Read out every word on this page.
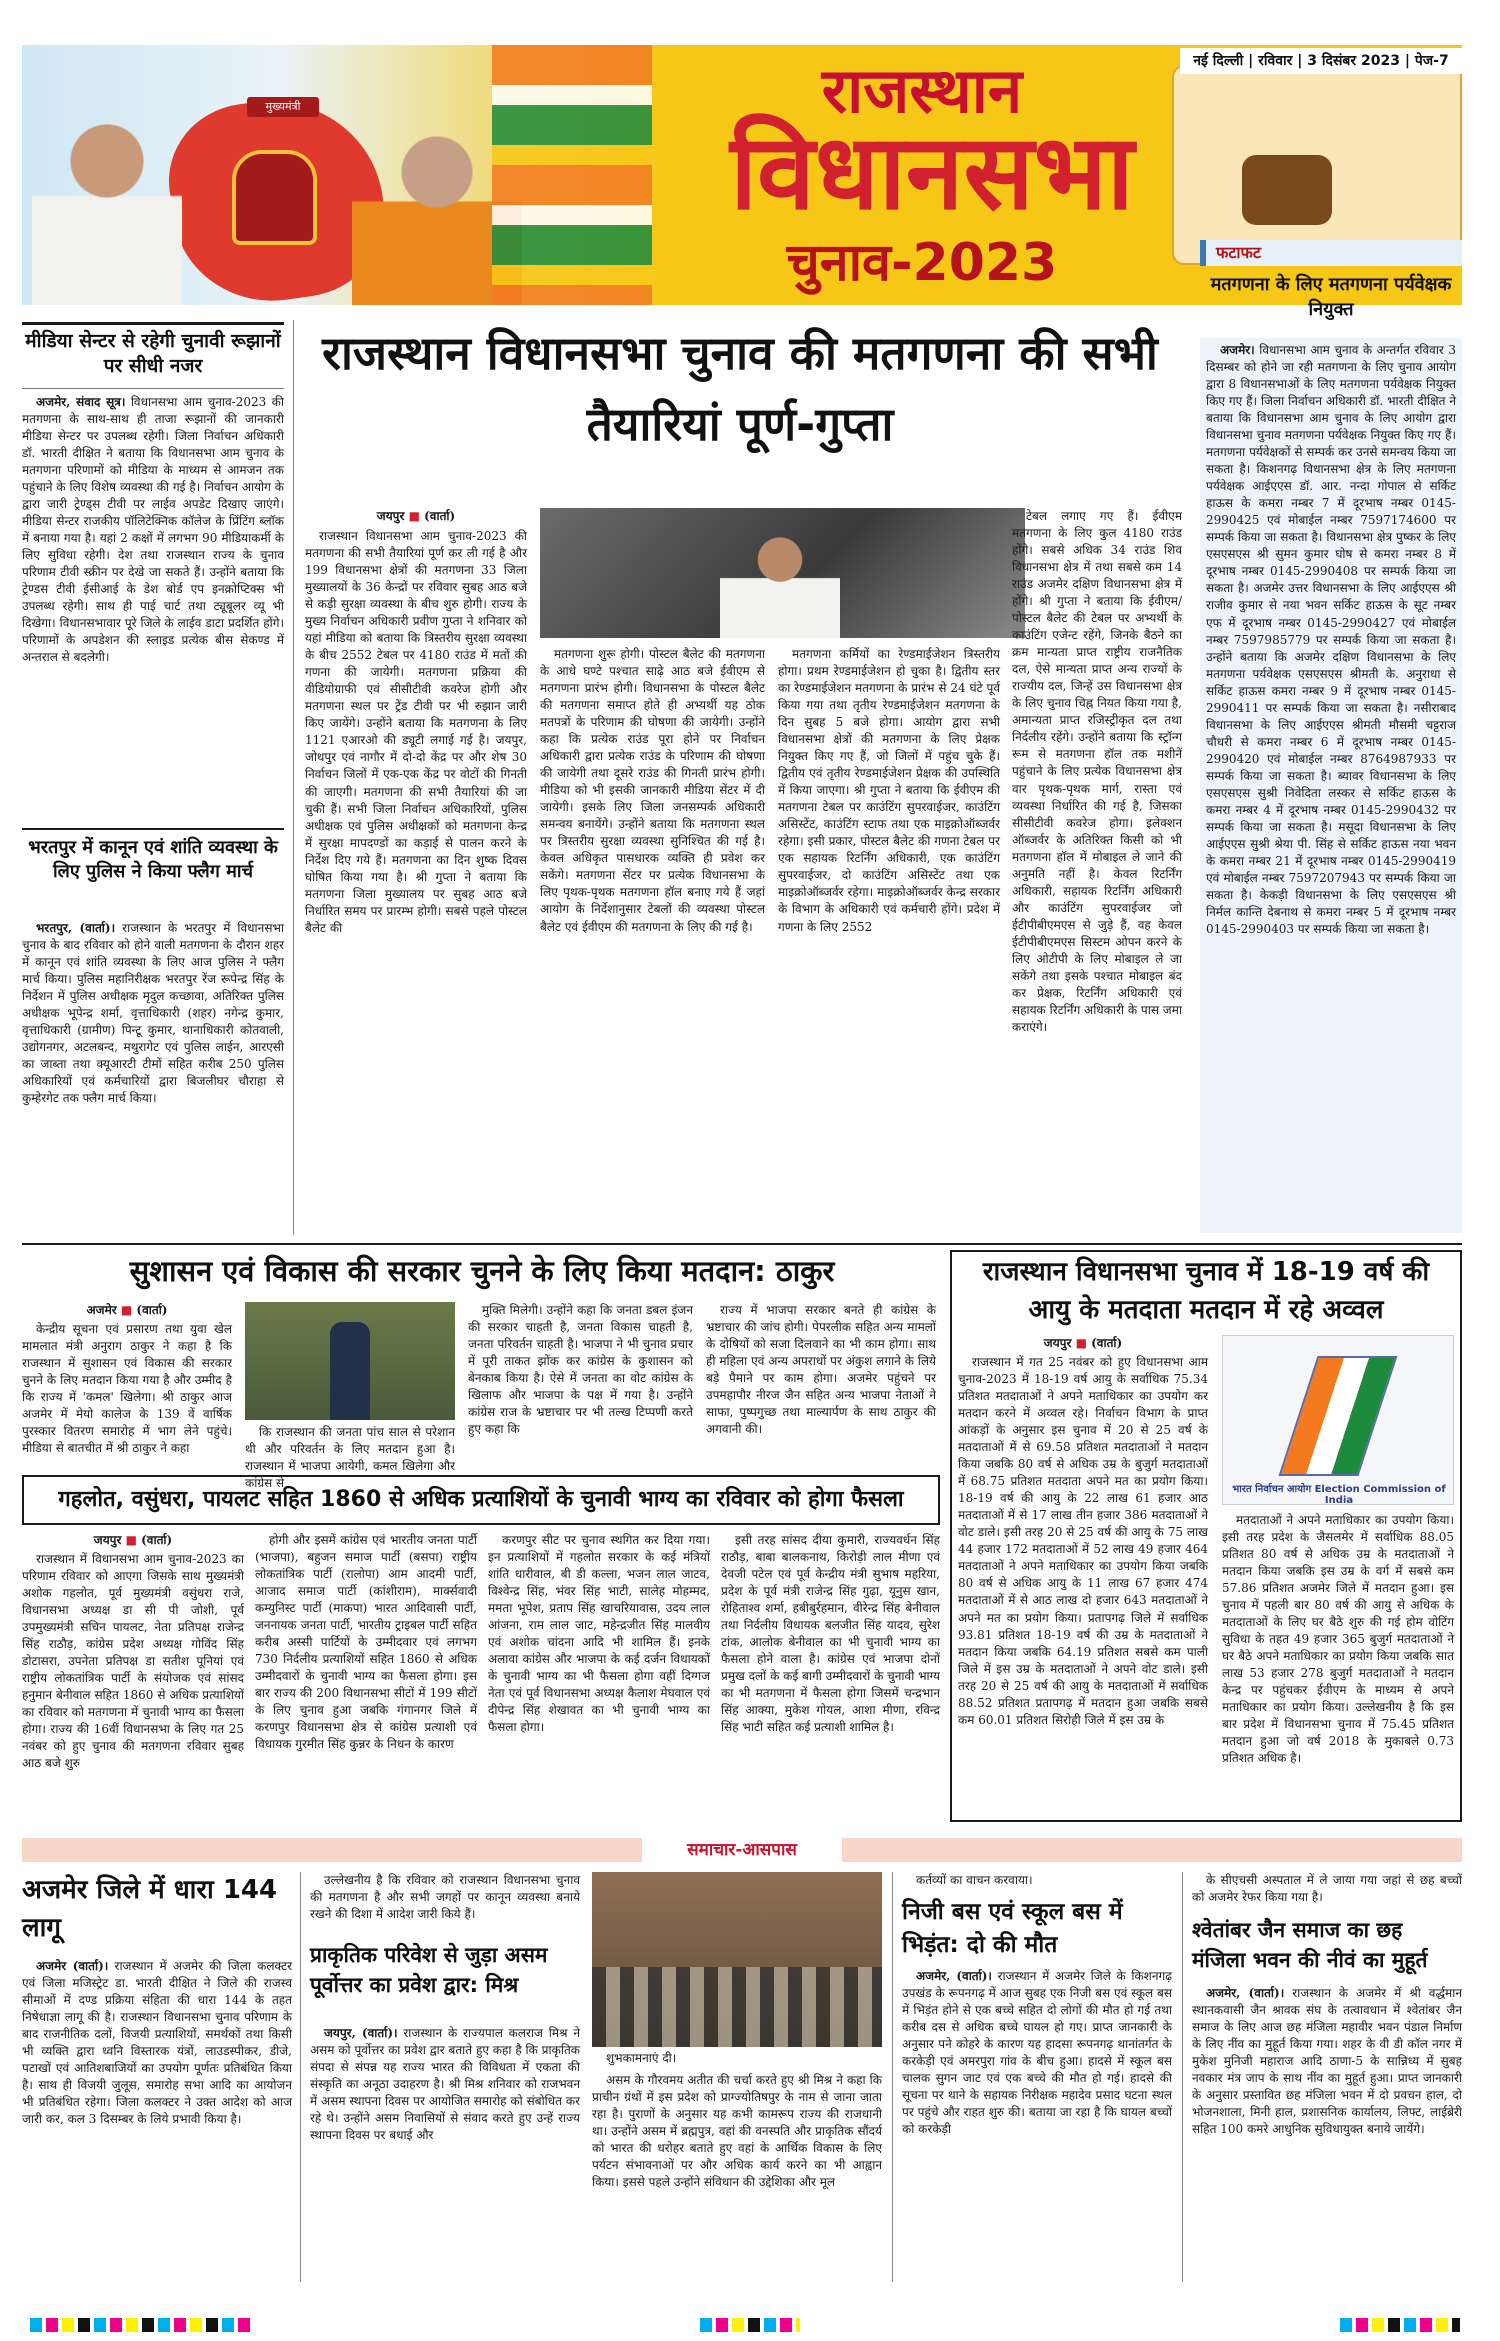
मुख्यमंत्री	राजस्थान
विधानसभा
चुनाव-2023
नई दिल्ली | रविवार | 3 दिसंबर 2023 | पेज-7
मीडिया सेन्टर से रहेगी चुनावी रूझानों पर सीधी नजर

अजमेर, संवाद सूत्र। विधानसभा आम चुनाव-2023 की मतगणना के साथ-साथ ही ताजा रूझानों की जानकारी मीडिया सेन्टर पर उपलब्ध रहेगी। जिला निर्वाचन अधिकारी डॉ. भारती दीक्षित ने बताया कि विधानसभा आम चुनाव के मतगणना परिणामों को मीडिया के माध्यम से आमजन तक पहुंचाने के लिए विशेष व्यवस्था की गई है। निर्वाचन आयोग के द्वारा जारी ट्रेण्ड्स टीवी पर लाईव अपडेट दिखाए जाएंगे। मीडिया सेन्टर राजकीय पॉलिटेक्निक कॉलेज के प्रिंटिंग ब्लॉक में बनाया गया है। यहां 2 कक्षों में लगभग 90 मीडियाकर्मी के लिए सुविधा रहेगी। देश तथा राजस्थान राज्य के चुनाव परिणाम टीवी स्क्रीन पर देखे जा सकते हैं। उन्होंने बताया कि ट्रेण्डस टीवी ईसीआई के डेश बोर्ड एप इनक्रोप्टिक्स भी उपलब्ध रहेगी। साथ ही पाई चार्ट तथा ट्यूबूलर व्यू भी दिखेगा। विधानसभावार पूरे जिले के लाईव डाटा प्रदर्शित होंगे। परिणामों के अपडेशन की स्लाइड प्रत्येक बीस सेकण्ड में अन्तराल से बदलेगी।

भरतपुर में कानून एवं शांति व्यवस्था के लिए पुलिस ने किया फ्लैग मार्च

भरतपुर, (वार्ता)। राजस्थान के भरतपुर में विधानसभा चुनाव के बाद रविवार को होने वाली मतगणना के दौरान शहर में कानून एवं शांति व्यवस्था के लिए आज पुलिस ने फ्लैग मार्च किया। पुलिस महानिरीक्षक भरतपुर रेंज रूपेन्द्र सिंह के निर्देशन में पुलिस अधीक्षक मृदुल कच्छावा, अतिरिक्त पुलिस अधीक्षक भूपेन्द्र शर्मा, वृत्ताधिकारी (शहर) नगेन्द्र कुमार, वृत्ताधिकारी (ग्रामीण) पिन्टू कुमार, थानाधिकारी कोतवाली, उद्योगनगर, अटलबन्द, मथुरागेट एवं पुलिस लाईन, आरएसी का जाब्ता तथा क्यूआरटी टीमों सहित करीब 250 पुलिस अधिकारियों एवं कर्मचारियों द्वारा बिजलीघर चौराहा से कुम्हेरगेट तक फ्लैग मार्च किया।

राजस्थान विधानसभा चुनाव की मतगणना की सभी तैयारियां पूर्ण-गुप्ता
जयपुर ■ (वार्ता)

राजस्थान विधानसभा आम चुनाव-2023 की मतगणना की सभी तैयारियां पूर्ण कर ली गई है और 199 विधानसभा क्षेत्रों की मतगणना 33 जिला मुख्यालयों के 36 केन्द्रों पर रविवार सुबह आठ बजे से कड़ी सुरक्षा व्यवस्था के बीच शुरु होगी। राज्य के मुख्य निर्वाचन अधिकारी प्रवीण गुप्ता ने शनिवार को यहां मीडिया को बताया कि त्रिस्तरीय सुरक्षा व्यवस्था के बीच 2552 टेबल पर 4180 राउंड में मतों की गणना की जायेगी। मतगणना प्रक्रिया की वीडियोग्राफी एवं सीसीटीवी कवरेज होगी और मतगणना स्थल पर ट्रेंड टीवी पर भी रुझान जारी किए जायेंगे। उन्होंने बताया कि मतगणना के लिए 1121 एआरओ की ड्यूटी लगाई गई है। जयपुर, जोधपुर एवं नागौर में दो-दो केंद्र पर और शेष 30 निर्वाचन जिलों में एक-एक केंद्र पर वोटों की गिनती की जाएगी। मतगणना की सभी तैयारियां की जा चुकी हैं। सभी जिला निर्वाचन अधिकारियों, पुलिस अधीक्षक एवं पुलिस अधीक्षकों को मतगणना केन्द्र में सुरक्षा मापदण्डों का कड़ाई से पालन करने के निर्देश दिए गये हैं। मतगणना का दिन शुष्क दिवस घोषित किया गया है। श्री गुप्ता ने बताया कि मतगणना जिला मुख्यालय पर सुबह आठ बजे निर्धारित समय पर प्रारम्भ होगी। सबसे पहले पोस्टल बैलेट की

मतगणना शुरू होगी। पोस्टल बैलेट की मतगणना के आधे घण्टे पश्चात साढ़े आठ बजे ईवीएम से मतगणना प्रारंभ होगी। विधानसभा के पोस्टल बैलेट की मतगणना समाप्त होते ही अभ्यर्थी यह ठोक मतपत्रों के परिणाम की घोषणा की जायेगी। उन्होंने कहा कि प्रत्येक राउंड पूरा होने पर निर्वाचन अधिकारी द्वारा प्रत्येक राउंड के परिणाम की घोषणा की जायेगी तथा दूसरे राउंड की गिनती प्रारंभ होगी। मीडिया को भी इसकी जानकारी मीडिया सेंटर में दी जायेगी। इसके लिए जिला जनसम्पर्क अधिकारी समन्वय बनायेंगे। उन्होंने बताया कि मतगणना स्थल पर त्रिस्तरीय सुरक्षा व्यवस्था सुनिश्चित की गई है। केवल अधिकृत पासधारक व्यक्ति ही प्रवेश कर सकेंगे। मतगणना सेंटर पर प्रत्येक विधानसभा के लिए पृथक-पृथक मतगणना हॉल बनाए गये हैं जहां आयोग के निर्देशानुसार टेबलों की व्यवस्था पोस्टल बैलेट एवं ईवीएम की मतगणना के लिए की गई है।

मतगणना कर्मियों का रेण्डमाईजेशन त्रिस्तरीय होगा। प्रथम रेण्डमाईजेशन हो चुका है। द्वितीय स्तर का रेण्डमाईजेशन मतगणना के प्रारंभ से 24 घंटे पूर्व किया गया तथा तृतीय रेण्डमाईजेशन मतगणना के दिन सुबह 5 बजे होगा। आयोग द्वारा सभी विधानसभा क्षेत्रों की मतगणना के लिए प्रेक्षक नियुक्त किए गए हैं, जो जिलों में पहुंच चुके हैं। द्वितीय एवं तृतीय रेण्डमाईजेशन प्रेक्षक की उपस्थिति में किया जाएगा। श्री गुप्ता ने बताया कि ईवीएम की मतगणना टेबल पर काउंटिंग सुपरवाईजर, काउंटिंग असिस्टेंट, काउंटिंग स्टाफ तथा एक माइक्रोऑब्जर्वर रहेगा। इसी प्रकार, पोस्टल बैलेट की गणना टेबल पर एक सहायक रिटर्निंग अधिकारी, एक काउंटिंग सुपरवाईजर, दो काउंटिंग असिस्टेंट तथा एक माइक्रोऑब्जर्वर रहेगा। माइक्रोऑब्जर्वर केन्द्र सरकार के विभाग के अधिकारी एवं कर्मचारी होंगे। प्रदेश में गणना के लिए 2552

टेबल लगाए गए हैं। ईवीएम मतगणना के लिए कुल 4180 राउंड होंगे। सबसे अधिक 34 राउंड शिव विधानसभा क्षेत्र में तथा सबसे कम 14 राउंड अजमेर दक्षिण विधानसभा क्षेत्र में होंगे। श्री गुप्ता ने बताया कि ईवीएम/पोस्टल बैलेट की टेबल पर अभ्यर्थी के काउंटिंग एजेन्ट रहेंगे, जिनके बैठने का क्रम मान्यता प्राप्त राष्ट्रीय राजनैतिक दल, ऐसे मान्यता प्राप्त अन्य राज्यों के राज्यीय दल, जिन्हें उस विधानसभा क्षेत्र के लिए चुनाव चिह्न नियत किया गया है, अमान्यता प्राप्त रजिस्ट्रीकृत दल तथा निर्दलीय रहेंगे। उन्होंने बताया कि स्ट्रॉन्ग रूम से मतगणना हॉल तक मशीनें पहुंचाने के लिए प्रत्येक विधानसभा क्षेत्र वार पृथक-पृथक मार्ग, रास्ता एवं व्यवस्था निर्धारित की गई है, जिसका सीसीटीवी कवरेज होगा। इलेक्शन ऑब्जर्वर के अतिरिक्त किसी को भी मतगणना हॉल में मोबाइल ले जाने की अनुमति नहीं है। केवल रिटर्निंग अधिकारी, सहायक रिटर्निंग अधिकारी और काउंटिंग सुपरवाईजर जो ईटीपीबीएमएस से जुड़े हैं, वह केवल ईटीपीबीएमएस सिस्टम ओपन करने के लिए ओटीपी के लिए मोबाइल ले जा सकेंगे तथा इसके पश्चात मोबाइल बंद कर प्रेक्षक, रिटर्निंग अधिकारी एवं सहायक रिटर्निंग अधिकारी के पास जमा कराएंगे।

फटाफट
मतगणना के लिए मतगणना पर्यवेक्षक नियुक्त

अजमेर। विधानसभा आम चुनाव के अन्तर्गत रविवार 3 दिसम्बर को होने जा रही मतगणना के लिए चुनाव आयोग द्वारा 8 विधानसभाओं के लिए मतगणना पर्यवेक्षक नियुक्त किए गए हैं। जिला निर्वाचन अधिकारी डॉ. भारती दीक्षित ने बताया कि विधानसभा आम चुनाव के लिए आयोग द्वारा विधानसभा चुनाव मतगणना पर्यवेक्षक नियुक्त किए गए हैं। मतगणना पर्यवेक्षकों से सम्पर्क कर उनसे समन्वय किया जा सकता है। किशनगढ़ विधानसभा क्षेत्र के लिए मतगणना पर्यवेक्षक आईएएस डॉ. आर. नन्दा गोपाल से सर्किट हाऊस के कमरा नम्बर 7 में दूरभाष नम्बर 0145-2990425 एवं मोबाईल नम्बर 7597174600 पर सम्पर्क किया जा सकता है। विधानसभा क्षेत्र पुष्कर के लिए एसएसएस श्री सुमन कुमार घोष से कमरा नम्बर 8 में दूरभाष नम्बर 0145-2990408 पर सम्पर्क किया जा सकता है। अजमेर उत्तर विधानसभा के लिए आईएएस श्री राजीव कुमार से नया भवन सर्किट हाऊस के सूट नम्बर एफ में दूरभाष नम्बर 0145-2990427 एवं मोबाईल नम्बर 7597985779 पर सम्पर्क किया जा सकता है। उन्होंने बताया कि अजमेर दक्षिण विधानसभा के लिए मतगणना पर्यवेक्षक एसएसएस श्रीमती के. अनुराधा से सर्किट हाऊस कमरा नम्बर 9 में दूरभाष नम्बर 0145-2990411 पर सम्पर्क किया जा सकता है। नसीराबाद विधानसभा के लिए आईएएस श्रीमती मौसमी चट्टराज चौधरी से कमरा नम्बर 6 में दूरभाष नम्बर 0145-2990420 एवं मोबाईल नम्बर 8764987933 पर सम्पर्क किया जा सकता है। ब्यावर विधानसभा के लिए एसएसएस सुश्री निवेदिता लस्कर से सर्किट हाऊस के कमरा नम्बर 4 में दूरभाष नम्बर 0145-2990432 पर सम्पर्क किया जा सकता है। मसूदा विधानसभा के लिए आईएएस सुश्री श्रेया पी. सिंह से सर्किट हाऊस नया भवन के कमरा नम्बर 21 में दूरभाष नम्बर 0145-2990419 एवं मोबाईल नम्बर 7597207943 पर सम्पर्क किया जा सकता है। केकड़ी विधानसभा के लिए एसएसएस श्री निर्मल कान्ति देबनाथ से कमरा नम्बर 5 में दूरभाष नम्बर 0145-2990403 पर सम्पर्क किया जा सकता है।

सुशासन एवं विकास की सरकार चुनने के लिए किया मतदान: ठाकुर
अजमेर ■ (वार्ता)

केन्द्रीय सूचना एवं प्रसारण तथा युवा खेल मामलात मंत्री अनुराग ठाकुर ने कहा है कि राजस्थान में सुशासन एवं विकास की सरकार चुनने के लिए मतदान किया गया है और उम्मीद है कि राज्य में 'कमल' खिलेगा। श्री ठाकुर आज अजमेर में मेयो कालेज के 139 वें वार्षिक पुरस्कार वितरण समारोह में भाग लेने पहुंचे। मीडिया से बातचीत में श्री ठाकुर ने कहा

कि राजस्थान की जनता पांच साल से परेशान थी और परिवर्तन के लिए मतदान हुआ है। राजस्थान में भाजपा आयेगी, कमल खिलेगा और कांग्रेस से

मुक्ति मिलेगी। उन्होंने कहा कि जनता डबल इंजन की सरकार चाहती है, जनता विकास चाहती है, जनता परिवर्तन चाहती है। भाजपा ने भी चुनाव प्रचार में पूरी ताकत झोंक कर कांग्रेस के कुशासन को बेनकाब किया है। ऐसे में जनता का वोट कांग्रेस के खिलाफ और भाजपा के पक्ष में गया है। उन्होंने कांग्रेस राज के भ्रष्टाचार पर भी तल्ख टिप्पणी करते हुए कहा कि

राज्य में भाजपा सरकार बनते ही कांग्रेस के भ्रष्टाचार की जांच होगी। पेपरलीक सहित अन्य मामलों के दोषियों को सजा दिलवाने का भी काम होगा। साथ ही महिला एवं अन्य अपराधों पर अंकुश लगाने के लिये बड़े पैमाने पर काम होगा। अजमेर पहुंचने पर उपमहापौर नीरज जैन सहित अन्य भाजपा नेताओं ने साफा, पुष्पगुच्छ तथा माल्यार्पण के साथ ठाकुर की अगवानी की।

राजस्थान विधानसभा चुनाव में 18-19 वर्ष की आयु के मतदाता मतदान में रहे अव्वल
जयपुर ■ (वार्ता)

राजस्थान में गत 25 नवंबर को हुए विधानसभा आम चुनाव-2023 में 18-19 वर्ष आयु के सर्वाधिक 75.34 प्रतिशत मतदाताओं ने अपने मताधिकार का उपयोग कर मतदान करने में अव्वल रहे। निर्वाचन विभाग के प्राप्त आंकड़ों के अनुसार इस चुनाव में 20 से 25 वर्ष के मतदाताओं में से 69.58 प्रतिशत मतदाताओं ने मतदान किया जबकि 80 वर्ष से अधिक उम्र के बुजुर्ग मतदाताओं में 68.75 प्रतिशत मतदाता अपने मत का प्रयोग किया। 18-19 वर्ष की आयु के 22 लाख 61 हजार आठ मतदाताओं में से 17 लाख तीन हजार 386 मतदाताओं ने वोट डाले। इसी तरह 20 से 25 वर्ष की आयु के 75 लाख 44 हजार 172 मतदाताओं में 52 लाख 49 हजार 464 मतदाताओं ने अपने मताधिकार का उपयोग किया जबकि 80 वर्ष से अधिक आयु के 11 लाख 67 हजार 474 मतदाताओं में से आठ लाख दो हजार 643 मतदाताओं ने अपने मत का प्रयोग किया। प्रतापगढ़ जिले में सर्वाधिक 93.81 प्रतिशत 18-19 वर्ष की उम्र के मतदाताओं ने मतदान किया जबकि 64.19 प्रतिशत सबसे कम पाली जिले में इस उम्र के मतदाताओं ने अपने वोट डाले। इसी तरह 20 से 25 वर्ष की आयु के मतदाताओं में सर्वाधिक 88.52 प्रतिशत प्रतापगढ़ में मतदान हुआ जबकि सबसे कम 60.01 प्रतिशत सिरोही जिले में इस उम्र के

भारत निर्वाचन आयोग Election Commission of India

मतदाताओं ने अपने मताधिकार का उपयोग किया। इसी तरह प्रदेश के जैसलमेर में सर्वाधिक 88.05 प्रतिशत 80 वर्ष से अधिक उम्र के मतदाताओं ने मतदान किया जबकि इस उम्र के वर्ग में सबसे कम 57.86 प्रतिशत अजमेर जिले में मतदान हुआ। इस चुनाव में पहली बार 80 वर्ष की आयु से अधिक के मतदाताओं के लिए घर बैठे शुरु की गई होम वोटिंग सुविधा के तहत 49 हजार 365 बुजुर्ग मतदाताओं ने घर बैठे अपने मताधिकार का प्रयोग किया जबकि सात लाख 53 हजार 278 बुजुर्ग मतदाताओं ने मतदान केन्द्र पर पहुंचकर ईवीएम के माध्यम से अपने मताधिकार का प्रयोग किया। उल्लेखनीय है कि इस बार प्रदेश में विधानसभा चुनाव में 75.45 प्रतिशत मतदान हुआ जो वर्ष 2018 के मुकाबले 0.73 प्रतिशत अधिक है।

गहलोत, वसुंधरा, पायलट सहित 1860 से अधिक प्रत्याशियों के चुनावी भाग्य का रविवार को होगा फैसला
जयपुर ■ (वार्ता)

राजस्थान में विधानसभा आम चुनाव-2023 का परिणाम रविवार को आएगा जिसके साथ मुख्यमंत्री अशोक गहलोत, पूर्व मुख्यमंत्री वसुंधरा राजे, विधानसभा अध्यक्ष डा सी पी जोशी, पूर्व उपमुख्यमंत्री सचिन पायलट, नेता प्रतिपक्ष राजेन्द्र सिंह राठौड़, कांग्रेस प्रदेश अध्यक्ष गोविंद सिंह डोटासरा, उपनेता प्रतिपक्ष डा सतीश पूनियां एवं राष्ट्रीय लोकतांत्रिक पार्टी के संयोजक एवं सांसद हनुमान बेनीवाल सहित 1860 से अधिक प्रत्याशियों का रविवार को मतगणना में चुनावी भाग्य का फैसला होगा। राज्य की 16वीं विधानसभा के लिए गत 25 नवंबर को हुए चुनाव की मतगणना रविवार सुबह आठ बजे शुरु

होगी और इसमें कांग्रेस एवं भारतीय जनता पार्टी (भाजपा), बहुजन समाज पार्टी (बसपा) राष्ट्रीय लोकतांत्रिक पार्टी (रालोपा) आम आदमी पार्टी, आजाद समाज पार्टी (कांशीराम), मार्क्सवादी कम्युनिस्ट पार्टी (माकपा) भारत आदिवासी पार्टी, जननायक जनता पार्टी, भारतीय ट्राइबल पार्टी सहित करीब अस्सी पार्टियों के उम्मीदवार एवं लगभग 730 निर्दलीय प्रत्याशियों सहित 1860 से अधिक उम्मीदवारों के चुनावी भाग्य का फैसला होगा। इस बार राज्य की 200 विधानसभा सीटों में 199 सीटों के लिए चुनाव हुआ जबकि गंगानगर जिले में करणपुर विधानसभा क्षेत्र से कांग्रेस प्रत्याशी एवं विधायक गुरमीत सिंह कुन्नर के निधन के कारण

करणपुर सीट पर चुनाव स्थगित कर दिया गया। इन प्रत्याशियों में गहलोत सरकार के कई मंत्रियों शांति धारीवाल, बी डी कल्ला, भजन लाल जाटव, विश्वेन्द्र सिंह, भंवर सिंह भाटी, सालेह मोहम्मद, ममता भूपेश, प्रताप सिंह खाचरियावास, उदय लाल आंजना, राम लाल जाट, महेन्द्रजीत सिंह मालवीय एवं अशोक चांदना आदि भी शामिल हैं। इनके अलावा कांग्रेस और भाजपा के कई दर्जन विधायकों के चुनावी भाग्य का भी फैसला होगा वहीं दिग्गज नेता एवं पूर्व विधानसभा अध्यक्ष कैलाश मेघवाल एवं दीपेन्द्र सिंह शेखावत का भी चुनावी भाग्य का फैसला होगा।

इसी तरह सांसद दीया कुमारी, राज्यवर्धन सिंह राठौड़, बाबा बालकनाथ, किरोड़ी लाल मीणा एवं देवजी पटेल एवं पूर्व केन्द्रीय मंत्री सुभाष महरिया, प्रदेश के पूर्व मंत्री राजेन्द्र सिंह गुढ़ा, यूनुस खान, रोहिताश्व शर्मा, हबीबुर्रहमान, वीरेन्द्र सिंह बेनीवाल तथा निर्दलीय विधायक बलजीत सिंह यादव, सुरेश टांक, आलोक बेनीवाल का भी चुनावी भाग्य का फैसला होने वाला है। कांग्रेस एवं भाजपा दोनों प्रमुख दलों के कई बागी उम्मीदवारों के चुनावी भाग्य का भी मतगणना में फैसला होगा जिसमें चन्द्रभान सिंह आक्या, मुकेश गोयल, आशा मीणा, रविन्द्र सिंह भाटी सहित कई प्रत्याशी शामिल है।

समाचार-आसपास
अजमेर जिले में धारा 144 लागू

अजमेर (वार्ता)। राजस्थान में अजमेर की जिला कलक्टर एवं जिला मजिस्ट्रेट डा. भारती दीक्षित ने जिले की राजस्व सीमाओं में दण्ड प्रक्रिया संहिता की धारा 144 के तहत निषेधाज्ञा लागू की है। राजस्थान विधानसभा चुनाव परिणाम के बाद राजनीतिक दलों, विजयी प्रत्याशियों, समर्थकों तथा किसी भी व्यक्ति द्वारा ध्वनि विस्तारक यंत्रों, लाउडस्पीकर, डीजे, पटाखों एवं आतिशबाजियों का उपयोग पूर्णतः प्रतिबंधित किया है। साथ ही विजयी जुलूस, समारोह सभा आदि का आयोजन भी प्रतिबंधित रहेगा। जिला कलक्टर ने उक्त आदेश को आज जारी कर, कल 3 दिसम्बर के लिये प्रभावी किया है।

उल्लेखनीय है कि रविवार को राजस्थान विधानसभा चुनाव की मतगणना है और सभी जगहों पर कानून व्यवस्था बनाये रखने की दिशा में आदेश जारी किये हैं।

प्राकृतिक परिवेश से जुड़ा असम पूर्वोत्तर का प्रवेश द्वार: मिश्र

जयपुर, (वार्ता)। राजस्थान के राज्यपाल कलराज मिश्र ने असम को पूर्वोत्तर का प्रवेश द्वार बताते हुए कहा है कि प्राकृतिक संपदा से संपन्न यह राज्य भारत की विविधता में एकता की संस्कृति का अनूठा उदाहरण है। श्री मिश्र शनिवार को राजभवन में असम स्थापना दिवस पर आयोजित समारोह को संबोधित कर रहे थे। उन्होंने असम निवासियों से संवाद करते हुए उन्हें राज्य स्थापना दिवस पर बधाई और

शुभकामनाएं दी।

असम के गौरवमय अतीत की चर्चा करते हुए श्री मिश्र ने कहा कि प्राचीन ग्रंथों में इस प्रदेश को प्राग्ज्योतिषपुर के नाम से जाना जाता रहा है। पुराणों के अनुसार यह कभी कामरूप राज्य की राजधानी था। उन्होंने असम में ब्रह्मपुत्र, वहां की वनस्पति और प्राकृतिक सौंदर्य को भारत की धरोहर बताते हुए वहां के आर्थिक विकास के लिए पर्यटन संभावनाओं पर और अधिक कार्य करने का भी आह्वान किया। इससे पहले उन्होंने संविधान की उद्देशिका और मूल

कर्तव्यों का वाचन करवाया।

निजी बस एवं स्कूल बस में भिड़ंत: दो की मौत

अजमेर, (वार्ता)। राजस्थान में अजमेर जिले के किशनगढ़ उपखंड के रूपनगढ़ में आज सुबह एक निजी बस एवं स्कूल बस में भिड़ंत होने से एक बच्चे सहित दो लोगों की मौत हो गई तथा करीब दस से अधिक बच्चे घायल हो गए। प्राप्त जानकारी के अनुसार पने कोहरे के कारण यह हादसा रूपनगढ़ थानांतर्गत के करकेड़ी एवं अमरपुरा गांव के बीच हुआ। हादसे में स्कूल बस चालक सुगन जाट एवं एक बच्चे की मौत हो गई। हादसे की सूचना पर थाने के सहायक निरीक्षक महादेव प्रसाद घटना स्थल पर पहुंचे और राहत शुरु की। बताया जा रहा है कि घायल बच्चों को करकेड़ी

के सीएचसी अस्पताल में ले जाया गया जहां से छह बच्चों को अजमेर रेफर किया गया है।

श्वेतांबर जैन समाज का छह मंजिला भवन की नीवं का मुहूर्त

अजमेर, (वार्ता)। राजस्थान के अजमेर में श्री वर्द्धमान स्थानकवासी जैन श्रावक संघ के तत्वावधान में श्वेतांबर जैन समाज के लिए आज छह मंजिला महावीर भवन पंडाल निर्माण के लिए नींव का मुहूर्त किया गया। शहर के वी डी कॉल नगर में मुकेश मुनिजी महाराज आदि ठाणा-5 के सान्निध्य में सुबह नवकार मंत्र जाप के साथ नींव का मुहूर्त हुआ। प्राप्त जानकारी के अनुसार प्रस्तावित छह मंजिला भवन में दो प्रवचन हाल, दो भोजनशाला, मिनी हाल, प्रशासनिक कार्यालय, लिफ्ट, लाईब्रेरी सहित 100 कमरे आधुनिक सुविधायुक्त बनाये जायेंगे।
